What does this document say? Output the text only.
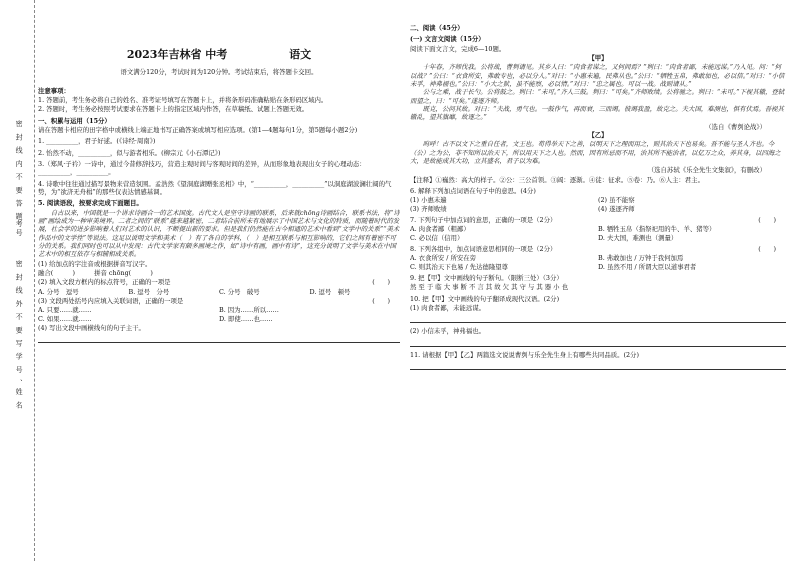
密 封 线 内 不 要 答 题
考号
密 封 线 外 不 要 写 学 号 、姓 名
2023年吉林省 中考	语文
语文满分120分，考试时间为120分钟。考试结束后，将答题卡交回。
注意事项：

1. 答题前，考生务必将自己的姓名、准考证号填写在答题卡上，并将条形码准确粘贴在条形码区域内。

2. 答题时，考生务必按照考试要求在答题卡上的指定区域内作答，在草稿纸、试题上答题无效。

一、积累与运用（15分）

请在答题卡相应的田字格中或横线上端正地书写正确答案或填写相应选项。(第1—4题每句1分，第5题每小题2分)

1. __________，君子好逑。(《诗经·周南》)

2. 怡然不动，__________，似与游者相乐。(柳宗元《小石潭记》)

3.（郑风·子衿）一诗中，通过今昔修辞技巧，营造主观时间与客观时间的差异，从而形象地表现出女子的心理动态：__________，__________。

4. 诗歌中往往通过描写景物来营造氛围。孟浩然《望洞庭湖赠张丞相》中，“__________，__________”以洞庭湖波澜壮阔的气势，为“欲济无舟楫”的那些仅表达情感基调。

5. 阅读语段，按要求完成下面题目。

　　自古以来，中国就是一个讲求诗画合一的艺术国度。古代文人是坚守诗画的联系，后来就chōng诗画结合，联系书法，将“诗画”画绘成为一种审美境界。二者之间的“联系”越来越紧密，二者结合前所未有地展示了中国艺术与文化的特质，而随着时代的发展，社会学的进步影响着人们对艺术的认识，不断提出新的要求。但是我们仍然能在古今相通的艺术中看到“文学中的关系”“美术作品中的文学性”等说法。这足以说明文学和美术（　）有了各自的学科，（　）是相互联系与相互影响的，它们之间有着密不可分的关系。我们同时也可以从中发现：古代文学家有颇多画境之作，如“诗中有画，画中有诗”，这充分说明了文学与美术在中国艺术中的相互依存与相辅相成关系。

(1) 给加点的字注音或根据拼音写汉字。

融合(　　　)　　　拼音 chōng(　　　)

(2) 填入文段方框内的标点符号，正确的一项是	(　　)

A. 分号　逗号	B. 逗号　分号	C. 分号　破号	D. 逗号　顿号

(3) 文段两处括号内应填入关联词语，正确的一项是	(　　)

A. 只要……就……	B. 因为……所以……
C. 如果……就……	D. 即使……也……

(4) 写出文段中画横线句的句子主干。

二、阅读（45分）
(一) 文言文阅读（15分）

阅读下面文言文，完成6—10题。

【甲】

　　十年春，齐师伐我。公将战，曹刿请见。其乡人曰：“肉食者谋之，又何间焉？”刿曰：“肉食者鄙，未能远谋。”乃入见。问：“何以战？”公曰：“衣食所安，弗敢专也，必以分人。”对曰：“小惠未遍，民弗从也。”公曰：“牺牲玉帛，弗敢加也，必以信。”对曰：“小信未孚，神弗福也。”公曰：“小大之狱，虽不能察，必以情。”对曰：“忠之属也。可以一战。战则请从。”
　　公与之乘，战于长勺。公将鼓之。刿曰：“未可。”齐人三鼓。刿曰：“可矣。”齐师败绩。公将驰之。刿曰：“未可。”下视其辙，登轼而望之，曰：“可矣。”遂逐齐师。
　　既克，公问其故。对曰：“夫战，勇气也。一鼓作气，再而衰，三而竭。彼竭我盈，故克之。夫大国，难测也，惧有伏焉。吾视其辙乱，望其旗靡，故逐之。”

（选自《曹刿论战》）
【乙】

　　呜呼！古不以文下之重自任者，文王也。苟得举天下之善，以明天下之理而用之，则其治天下也易矣。吾不能与圣人齐也。今（公）之为公，非不知所以治天下，所以用天下之人也。然而，因有所忌而不用，治其所不能治者，以亿万之众，养其身，以四海之大，是故能成其大功，立其盛名，君子以为难。

（选自苏轼《乐全先生文集叙》，有删改）

【注释】①巍然：高大的样子。②公：三公首领。③阔：逐渐。④徒：征求。⑤卷：乃。⑥人主：君主。

6. 解释下列加点词语在句子中的意思。(4分)

(1) 小惠未遍	(2) 虽不能察
(3) 齐师败绩	(4) 遂逐齐师

7. 下列句子中加点词的意思，正确的一项是（2分）	(　　)

A. 肉食者鄙（粗鄙）	B. 牺牲玉帛（指祭祀用的牛、羊、猪等）
C. 必以信（信用）	D. 夫大国，难测也（测量）

8. 下列各组中，加点词语意思相同的一项是（2分）	(　　)

A. 衣食所安 / 所安在旁	B. 弗敢加也 / 万钟于我何加焉
C. 则其治天下也易 / 先达德隆望尊	D. 虽然不用 / 所谓大臣以道事君者

9. 把【甲】文中画线的句子断句。（限断三处）（3分）

然 至 于 临 大 事 断 不 言 其 故 欠 其 守 与 其 器 小 也

10. 把【甲】文中画线的句子翻译成现代汉语。(2分)

(1) 肉食者鄙，未能远谋。

(2) 小信未孚，神弗福也。

11. 请根据【甲】【乙】两篇选文说说曹刿与乐全先生身上有哪些共同品质。(2分)
